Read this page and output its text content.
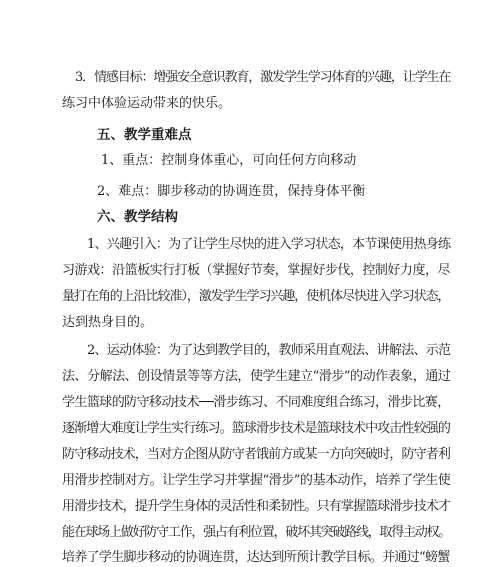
3．情感目标：增强安全意识教育，激发学生学习体育的兴趣，让学生在
练习中体验运动带来的快乐。
五、教学重难点
1、重点：控制身体重心，可向任何方向移动
2、难点：脚步移动的协调连贯，保持身体平衡
六、教学结构
1、兴趣引入：为了让学生尽快的进入学习状态，本节课使用热身练
习游戏：沿篮板实行打板（掌握好节奏，掌握好步伐，控制好力度，尽
量打在角的上沿比较准），激发学生学习兴趣，使机体尽快进入学习状态，
达到热身目的。
2、运动体验：为了达到教学目的，教师采用直观法、讲解法、示范
法、分解法、创设情景等等方法，使学生建立“滑步”的动作表象，通过
学生篮球的防守移动技术──滑步练习、不同难度组合练习，滑步比赛，
逐渐增大难度让学生实行练习。篮球滑步技术是篮球技术中攻击性较强的
防守移动技术，当对方企图从防守者饿前方或某一方向突破时，防守者利
用滑步控制对方。让学生学习并掌握“滑步”的基本动作，培养了学生使
用滑步技术，提升学生身体的灵活性和柔韧性。只有掌握篮球滑步技术才
能在球场上做好防守工作，强占有利位置，破坏其突破路线，取得主动权。
培养了学生脚步移动的协调连贯，达达到所预计教学目标。并通过“螃蟹
